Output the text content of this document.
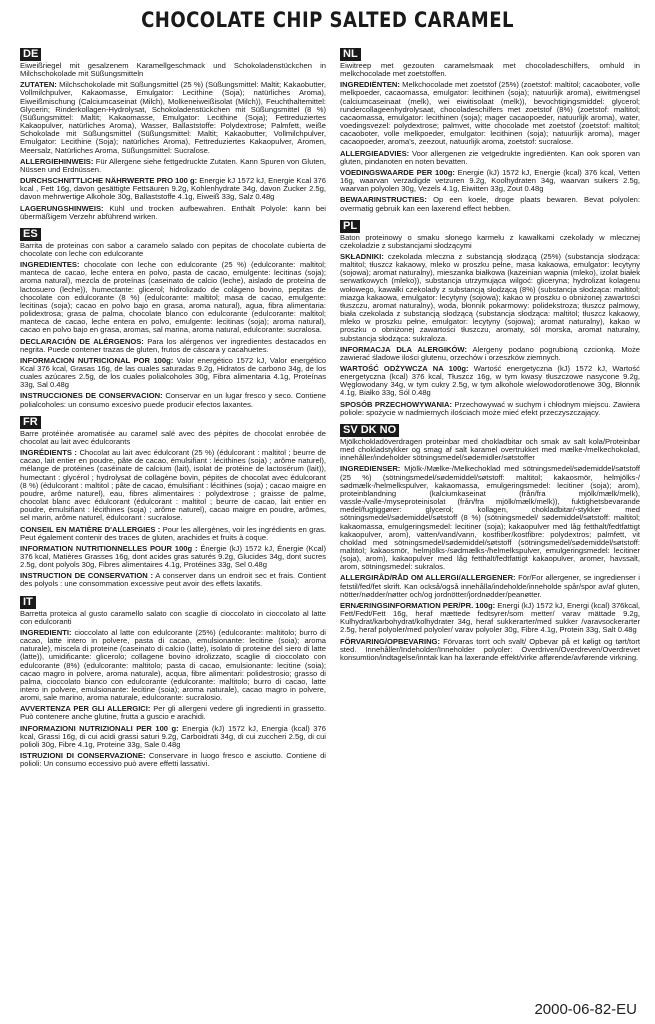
CHOCOLATE CHIP SALTED CARAMEL
DE

Eiweißriegel mit gesalzenem Karamellgeschmack und Schokoladenstückchen in Milchschokolade mit Süßungsmitteln

ZUTATEN: Milchschokolade mit Süßungsmittel (25 %) (Süßungsmittel: Maltit; Kakaobutter, Vollmilchpulver, Kakaomasse, Emulgator: Lecithine (Soja); natürliches Aroma), Eiweißmischung (Calciumcaseinat (Milch), Molkeneiweißisolat (Milch)), Feuchthaltemittel: Glycerin; Rinderkollagen-Hydrolysat, Schokoladenstückchen mit Süßungsmittel (8 %) (Süßungsmittel: Maltit; Kakaomasse, Emulgator: Lecithine (Soja); Fettreduziertes Kakaopulver, natürliches Aroma), Wasser, Ballaststoffe: Polydextrose; Palmfett, weiße Schokolade mit Süßungsmittel (Süßungsmittel: Maltit; Kakaobutter, Vollmilchpulver, Emulgator: Lecithine (Soja); natürliches Aroma), Fettreduziertes Kakaopulver, Aromen, Meersalz, Natürliches Aroma, Süßungsmittel: Sucralose.

ALLERGIEHINWEIS: Für Allergene siehe fettgedruckte Zutaten. Kann Spuren von Gluten, Nüssen und Erdnüssen.

DURCHSCHNITTLICHE NÄHRWERTE PRO 100 g: Energie kJ 1572 kJ, Energie Kcal 376 kcal , Fett 16g, davon gesättigte Fettsäuren 9.2g, Kohlenhydrate 34g, davon Zucker 2.5g, davon mehrwertige Alkohole 30g, Ballaststoffe 4.1g, Eiweiß 33g, Salz 0.48g

LAGERUNGSHINWEIS: Kühl und trocken aufbewahren. Enthält Polyole: kann bei übermäßigem Verzehr abführend wirken.

ES

Barrita de proteinas con sabor a caramelo salado con pepitas de chocolate cubierta de chocolate con leche con edulcorante

INGREDIENTES: chocolate con leche con edulcorante (25 %) (edulcorante: maltitol; manteca de cacao, leche entera en polvo, pasta de cacao, emulgente: lecitinas (soja); aroma natural), mezcla de proteínas (caseinato de calcio (leche), aislado de proteína de lactosuero (leche)), humectante: glicerol; hidrolizado de colágeno bovino, pepitas de chocolate con edulcorante (8 %) (edulcorante: maltitol; masa de cacao, emulgente: lecitinas (soja); cacao en polvo bajo en grasa, aroma natural), agua, fibra alimentaria: polidextrosa; grasa de palma, chocolate blanco con edulcorante (edulcorante: maltitol; manteca de cacao, leche entera en polvo, emulgente: lecitinas (soja); aroma natural), cacao en polvo bajo en grasa, aromas, sal marina, aroma natural, edulcorante: sucralosa.

DECLARACIÓN DE ALÉRGENOS: Para los alérgenos ver ingredientes destacados en negrita. Puede contener trazas de gluten, frutos de cáscara y cacahuetes.

INFORMACION NUTRICIONAL POR 100g: Valor energético 1572 kJ, Valor energético Kcal 376 kcal, Grasas 16g, de las cuales saturadas 9.2g, Hidratos de carbono 34g, de los cuales azúcares 2.5g, de los cuales polialcoholes 30g, Fibra alimentaria 4.1g, Proteínas 33g, Sal 0.48g

INSTRUCCIONES DE CONSERVACION: Conservar en un lugar fresco y seco. Contiene polialcoholes: un consumo excesivo puede producir efectos laxantes.

FR

Barre protéinée aromatisée au caramel salé avec des pépites de chocolat enrobée de chocolat au lait avec édulcorants

INGRÉDIENTS : Chocolat au lait avec édulcorant (25 %) (édulcorant : maltitol ; beurre de cacao, lait entier en poudre, pâte de cacao, émulsifiant : lécithines (soja) ; arôme naturel), mélange de protéines (caséinate de calcium (lait), isolat de protéine de lactosérum (lait)), humectant : glycérol ; hydrolysat de collagène bovin, pépites de chocolat avec édulcorant (8 %) (édulcorant : maltitol ; pâte de cacao, émulsifiant : lécithines (soja) ; cacao maigre en poudre, arôme naturel), eau, fibres alimentaires : polydextrose ; graisse de palme, chocolat blanc avec édulcorant (édulcorant : maltitol ; beurre de cacao, lait entier en poudre, émulsifiant : lécithines (soja) ; arôme naturel), cacao maigre en poudre, arômes, sel marin, arôme naturel, édulcorant : sucralose.

CONSEIL EN MATIÈRE D'ALLERGIES : Pour les allergènes, voir les ingrédients en gras. Peut également contenir des traces de gluten, arachides et fruits à coque.

INFORMATION NUTRITIONNELLES POUR 100g : Énergie (kJ) 1572 kJ, Énergie (Kcal) 376 kcal, Matières Grasses 16g, dont acides gras saturés 9.2g, Glucides 34g, dont sucres 2.5g, dont polyols 30g, Fibres alimentaires 4.1g, Protéines 33g, Sel 0.48g

INSTRUCTION DE CONSERVATION : A conserver dans un endroit sec et frais. Contient des polyols : une consommation excessive peut avoir des effets laxatifs.

IT

Barretta proteica al gusto caramello salato con scaglie di cioccolato in cioccolato al latte con edulcoranti

INGREDIENTI: cioccolato al latte con edulcorante (25%) (edulcorante: maltitolo; burro di cacao, latte intero in polvere, pasta di cacao, emulsionante: lecitine (soia); aroma naturale), miscela di proteine (caseinato di calcio (latte), isolato di proteine del siero di latte (latte)), umidificante: glicerolo; collagene bovino idrolizzato, scaglie di cioccolato con edulcorante (8%) (edulcorante: maltitolo; pasta di cacao, emulsionante: lecitine (soia); cacao magro in polvere, aroma naturale), acqua, fibre alimentari: polidestrosio; grasso di palma, cioccolato bianco con edulcorante (edulcorante: maltitolo; burro di cacao, latte intero in polvere, emulsionante: lecitine (soia); aroma naturale), cacao magro in polvere, aromi, sale marino, aroma naturale, edulcorante: sucralosio.

AVVERTENZA PER GLI ALLERGICI: Per gli allergeni vedere gli ingredienti in grassetto. Può contenere anche glutine, frutta a guscio e arachidi.

INFORMAZIONI NUTRIZIONALI PER 100 g: Energia (kJ) 1572 kJ, Energia (kcal) 376 kcal, Grassi 16g, di cui acidi grassi saturi 9.2g, Carboidrati 34g, di cui zuccheri 2.5g, di cui polioli 30g, Fibre 4.1g, Proteine 33g, Sale 0.48g

ISTRUZIONI DI CONSERVAZIONE: Conservare in luogo fresco e asciutto. Contiene di polioli: Un consumo eccessivo può avere effetti lassativi.

NL

Eiwitreep met gezouten caramelsmaak met chocoladeschilfers, omhuld in melkchocolade met zoetstoffen.

INGREDIËNTEN: Melkchocolade met zoetstof (25%) (zoetstof: maltitol; cacaoboter, volle melkpoeder, cacaomassa, emulgator: lecithinen (soja); natuurlijk aroma), eiwitmengsel (calciumcaseinaat (melk), wei eiwitisolaat (melk)), bevochtigingsmiddel: glycerol; rundercollageenhydrolysaat, chocoladeschilfers met zoetstof (8%) (zoetstof: maltitol; cacaomassa, emulgator: lecithinen (soja); mager cacaopoeder, natuurlijk aroma), water, voedingsvezel: polydextrose; palmvet, witte chocolade met zoetstof (zoetstof: maltitol; cacaoboter, volle melkpoeder, emulgator: lecithinen (soja); natuurlijk aroma), mager cacaopoeder, aroma's, zeezout, natuurlijk aroma, zoetstof: sucralose.

ALLERGIEADVIES: Voor allergenen zie vetgedrukte ingrediënten. Kan ook sporen van gluten, pindanoten en noten bevatten.

VOEDINGSWAARDE PER 100g: Energie (kJ) 1572 kJ, Energie (kcal) 376 kcal, Vetten 16g, waarvan verzadigde vetzuren 9.2g, Koolhydraten 34g, waarvan suikers 2.5g, waarvan polyolen 30g, Vezels 4.1g, Eiwitten 33g, Zout 0.48g

BEWAARINSTRUCTIES: Op een koele, droge plaats bewaren. Bevat polyolen: overmatig gebruik kan een laxerend effect hebben.

PL

Baton proteinowy o smaku słonego karmelu z kawałkami czekolady w mlecznej czekoladzie z substancjami słodzącymi

SKŁADNIKI: czekolada mleczna z substancją słodzącą (25%) (substancja słodząca: maltitol; tłuszcz kakaowy, mleko w proszku pełne, masa kakaowa, emulgator: lecytyny (sojowa); aromat naturalny), mieszanka białkowa (kazeinian wapnia (mleko), izolat białek serwatkowych (mleko)), substancja utrzymująca wilgoć: gliceryna; hydrolizat kolagenu wołowego, kawałki czekolady z substancją słodzącą (8%) (substancja słodząca: maltitol; miazga kakaowa, emulgator: lecytyny (sojowa); kakao w proszku o obniżonej zawartości tłuszczu, aromat naturalny), woda, błonnik pokarmowy: polidekstroza; tłuszcz palmowy, biała czekolada z substancją słodzącą (substancja słodząca: maltitol; tłuszcz kakaowy, mleko w proszku pełne, emulgator: lecytyny (sojowa); aromat naturalny), kakao w proszku o obniżonej zawartości tłuszczu, aromaty, sól morska, aromat naturalny, substancja słodząca: sukraloza.

INFORMACJA DLA ALERGIKÓW: Alergeny podano pogrubioną czcionką. Może zawierać śladowe ilości glutenu, orzechów i orzeszków ziemnych.

WARTOŚĆ ODŻYWCZA NA 100g: Wartość energetyczna (kJ) 1572 kJ, Wartość energetyczna (kcal) 376 kcal, Tłuszcz 16g, w tym kwasy tłuszczowe nasycone 9.2g, Węglowodany 34g, w tym cukry 2.5g, w tym alkohole wielowodorotlenowe 30g, Błonnik 4.1g, Białko 33g, Sól 0.48g

SPOSÓB PRZECHOWYWANIA: Przechowywać w suchym i chłodnym miejscu. Zawiera poliole: spożycie w nadmiernych ilościach może mieć efekt przeczyszczający.

SV DK NO

Mjölkchokladöverdragen proteinbar med chokladbitar och smak av salt kola/Proteinbar med chokladstykker og smag af salt karamel overtrukket med mælke-/melkechokolad, innehåller/indeholder sötningsmedel/sødemidler/søtstoffer

INGREDIENSER: Mjölk-/Mælke-/Melkechoklad med sötningsmedel/sødemiddel/søtstoff (25 %) (sötningsmedel/sødemiddel/søtstoff: maltitol; kakaosmör, helmjölks-/ sødmælk-/helmelkspulver, kakaomassa, emulgeringsmedel: lecitiner (soja); arom), proteinblandning (kalciumkaseinat (från/fra mjölk/mælk/melk), vassle-/valle-/myseproteinisolat (från/fra mjölk/mælk/melk)), fuktighetsbevarande medel/fugtiggører: glycerol; kollagen, chokladbitar/-stykker med sötningsmedel/sødemiddel/søtstoff (8 %) (sötningsmedel/ sødemiddel/søtstoff: maltitol; kakaomassa, emulgeringsmedel: lecitiner (soja); kakaopulver med låg fetthalt/fedtfattigt kakaopulver, arom), vatten/vand/vann, kostfiber/kostfibre: polydextros; palmfett, vit choklad med sötningsmedel/sødemiddel/søtstoff (sötningsmedel/sødemiddel/søtstoff: maltitol; kakaosmör, helmjölks-/sødmælks-/helmelkspulver, emulgeringsmedel: lecitiner (soja), arom), kakaopulver med låg fetthalt/fedtfattigt kakaopulver, aromer, havssalt, arom, sötningsmedel: sukralos.

ALLERGIRÅD/RÅD OM ALLERGI/ALLERGENER: För/For allergener, se ingredienser i fetstil/fed/fet skrift. Kan också/også innehålla/indeholde/inneholde spår/spor av/af gluten, nötter/nødder/nøtter och/og jordnötter/jordnødder/peanøtter.

ERNÆRINGSINFORMATION PER/PR. 100g: Energi (kJ) 1572 kJ, Energi (kcal) 376kcal, Fett/Fedt/Fett 16g, heraf mættede fedtsyrer/som metter/ varav mättade 9.2g, Kulhydrat/karbohydrat/kolhydrater 34g, heraf sukkerarter/med sukker /varavsockerarter 2.5g, heraf polyoler/med polyoler/ varav polyoler 30g, Fibre 4.1g, Protein 33g, Salt 0.48g

FÖRVARING/OPBEVARING: Förvaras torrt och svalt/ Opbevar på et køligt og tørt/tort sted. Innehåller/Indeholder/Inneholder polyoler: Överdriven/Overdreven/Overdrevet konsumtion/indtagelse/inntak kan ha laxerande effekt/virke afførende/avførende virkning.

2000-06-82-EU
